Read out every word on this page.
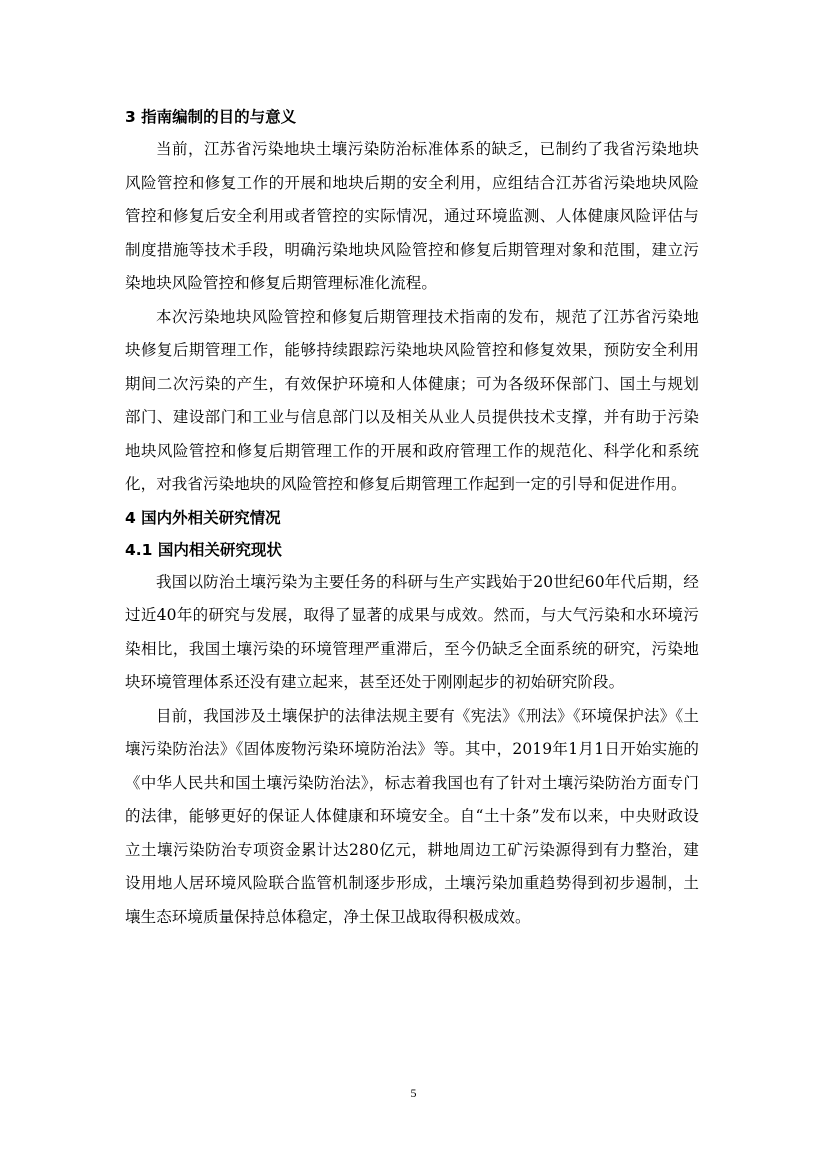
3 指南编制的目的与意义

当前，江苏省污染地块土壤污染防治标准体系的缺乏，已制约了我省污染地块风险管控和修复工作的开展和地块后期的安全利用，应组结合江苏省污染地块风险管控和修复后安全利用或者管控的实际情况，通过环境监测、人体健康风险评估与制度措施等技术手段，明确污染地块风险管控和修复后期管理对象和范围，建立污染地块风险管控和修复后期管理标准化流程。

本次污染地块风险管控和修复后期管理技术指南的发布，规范了江苏省污染地块修复后期管理工作，能够持续跟踪污染地块风险管控和修复效果，预防安全利用期间二次污染的产生，有效保护环境和人体健康；可为各级环保部门、国土与规划部门、建设部门和工业与信息部门以及相关从业人员提供技术支撑，并有助于污染地块风险管控和修复后期管理工作的开展和政府管理工作的规范化、科学化和系统化，对我省污染地块的风险管控和修复后期管理工作起到一定的引导和促进作用。

4 国内外相关研究情况

4.1 国内相关研究现状

我国以防治土壤污染为主要任务的科研与生产实践始于20世纪60年代后期，经过近40年的研究与发展，取得了显著的成果与成效。然而，与大气污染和水环境污染相比，我国土壤污染的环境管理严重滞后，至今仍缺乏全面系统的研究，污染地块环境管理体系还没有建立起来，甚至还处于刚刚起步的初始研究阶段。

目前，我国涉及土壤保护的法律法规主要有《宪法》《刑法》《环境保护法》《土壤污染防治法》《固体废物污染环境防治法》等。其中，2019年1月1日开始实施的《中华人民共和国土壤污染防治法》，标志着我国也有了针对土壤污染防治方面专门的法律，能够更好的保证人体健康和环境安全。自“土十条”发布以来，中央财政设立土壤污染防治专项资金累计达280亿元，耕地周边工矿污染源得到有力整治，建设用地人居环境风险联合监管机制逐步形成，土壤污染加重趋势得到初步遏制，土壤生态环境质量保持总体稳定，净土保卫战取得积极成效。

5
